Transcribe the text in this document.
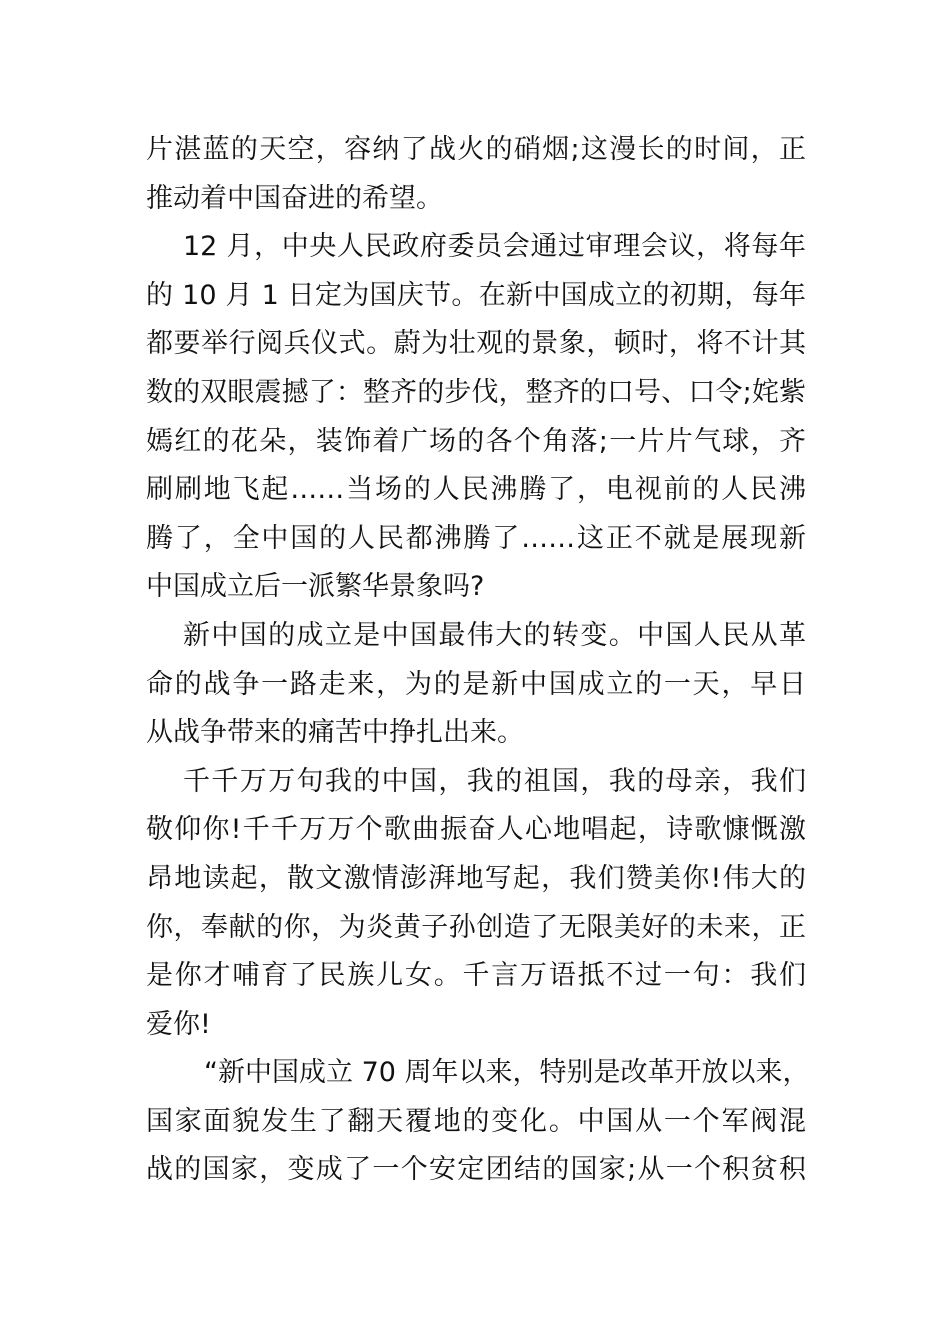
片湛蓝的天空，容纳了战火的硝烟;这漫长的时间，正
推动着中国奋进的希望。
12 月，中央人民政府委员会通过审理会议，将每年
的 10 月 1 日定为国庆节。在新中国成立的初期，每年
都要举行阅兵仪式。蔚为壮观的景象，顿时，将不计其
数的双眼震撼了：整齐的步伐，整齐的口号、口令;姹紫
嫣红的花朵，装饰着广场的各个角落;一片片气球，齐
刷刷地飞起……当场的人民沸腾了，电视前的人民沸
腾了，全中国的人民都沸腾了……这正不就是展现新
中国成立后一派繁华景象吗?
新中国的成立是中国最伟大的转变。中国人民从革
命的战争一路走来，为的是新中国成立的一天，早日
从战争带来的痛苦中挣扎出来。
千千万万句我的中国，我的祖国，我的母亲，我们
敬仰你!千千万万个歌曲振奋人心地唱起，诗歌慷慨激
昂地读起，散文激情澎湃地写起，我们赞美你!伟大的
你，奉献的你，为炎黄子孙创造了无限美好的未来，正
是你才哺育了民族儿女。千言万语抵不过一句：我们
爱你!
“新中国成立 70 周年以来，特别是改革开放以来，
国家面貌发生了翻天覆地的变化。中国从一个军阀混
战的国家，变成了一个安定团结的国家;从一个积贫积
